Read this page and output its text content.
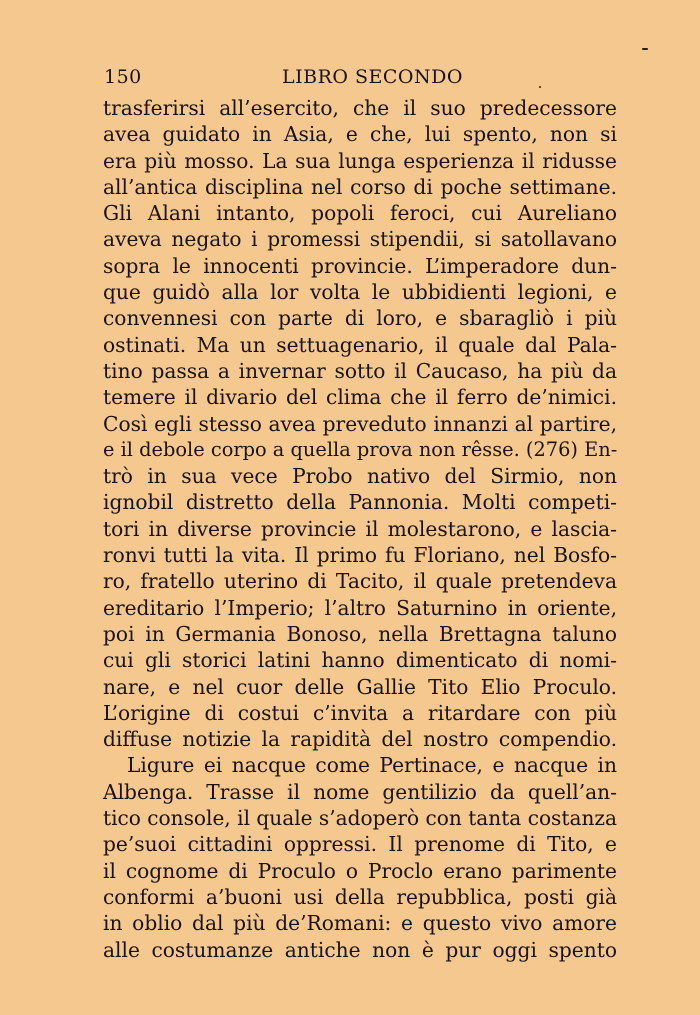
150	LIBRO SECONDO
trasferirsi all’esercito, che il suo predecessore
avea guidato in Asia, e che, lui spento, non si
era più mosso. La sua lunga esperienza il ridusse
all’antica disciplina nel corso di poche settimane.
Gli Alani intanto, popoli feroci, cui Aureliano
aveva negato i promessi stipendii, si satollavano
sopra le innocenti provincie. L’imperadore dun-
que guidò alla lor volta le ubbidienti legioni, e
convennesi con parte di loro, e sbaragliò i più
ostinati. Ma un settuagenario, il quale dal Pala-
tino passa a invernar sotto il Caucaso, ha più da
temere il divario del clima che il ferro de’nimici.
Così egli stesso avea preveduto innanzi al partire,
e il debole corpo a quella prova non rêsse. (276) En-
trò in sua vece Probo nativo del Sirmio, non
ignobil distretto della Pannonia. Molti competi-
tori in diverse provincie il molestarono, e lascia-
ronvi tutti la vita. Il primo fu Floriano, nel Bosfo-
ro, fratello uterino di Tacito, il quale pretendeva
ereditario l’Imperio; l’altro Saturnino in oriente,
poi in Germania Bonoso, nella Brettagna taluno
cui gli storici latini hanno dimenticato di nomi-
nare, e nel cuor delle Gallie Tito Elio Proculo.
L’origine di costui c’invita a ritardare con più
diffuse notizie la rapidità del nostro compendio.
Ligure ei nacque come Pertinace, e nacque in
Albenga. Trasse il nome gentilizio da quell’an-
tico console, il quale s’adoperò con tanta costanza
pe’suoi cittadini oppressi. Il prenome di Tito, e
il cognome di Proculo o Proclo erano parimente
conformi a’buoni usi della repubblica, posti già
in oblio dal più de’Romani: e questo vivo amore
alle costumanze antiche non è pur oggi spento
